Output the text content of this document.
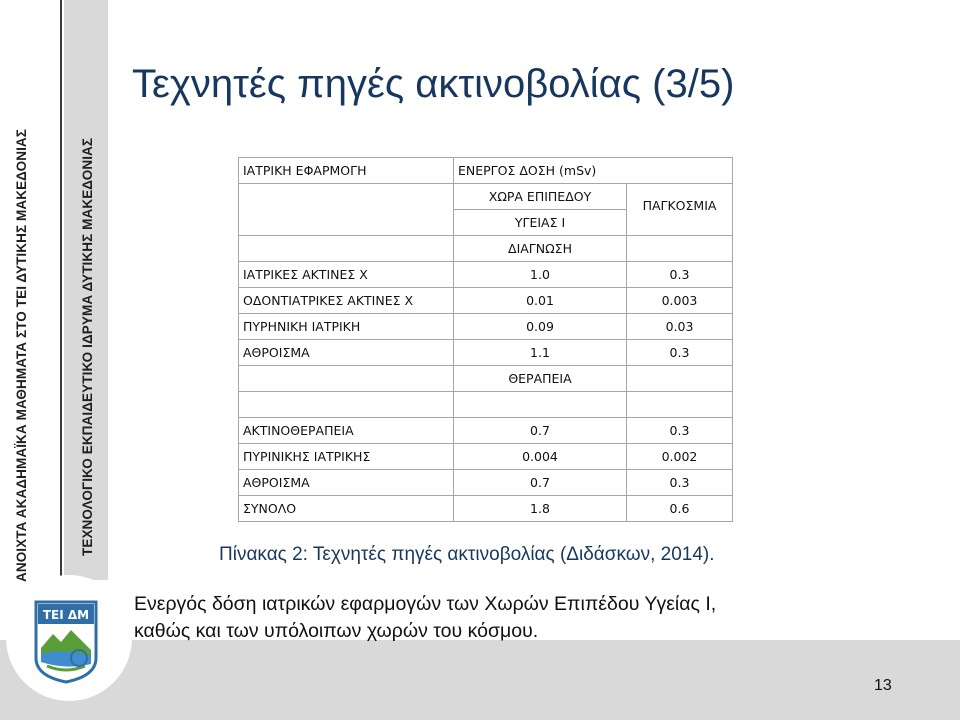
ΑΝΟΙΧΤΑ ΑΚΑΔΗΜΑΪΚΑ ΜΑΘΗΜΑΤΑ ΣΤΟ ΤΕΙ ΔΥΤΙΚΗΣ ΜΑΚΕΔΟΝΙΑΣ	ΤΕΧΝΟΛΟΓΙΚΟ ΕΚΠΑΙΔΕΥΤΙΚΟ ΙΔΡΥΜΑ ΔΥΤΙΚΗΣ ΜΑΚΕΔΟΝΙΑΣ
ΤΕΙ ΔΜ
Τεχνητές πηγές ακτινοβολίας (3/5)
ΙΑΤΡΙΚΗ ΕΦΑΡΜΟΓΗ	ΕΝΕΡΓΟΣ ΔΟΣΗ (mSv)	
	ΧΩΡΑ ΕΠΙΠΕΔΟΥ	ΠΑΓΚΟΣΜΙΑ

	ΥΓΕΙΑΣ Ι	
	ΔΙΑΓΝΩΣΗ	
ΙΑΤΡΙΚΕΣ ΑΚΤΙΝΕΣ Χ	1.0	0.3
ΟΔΟΝΤΙΑΤΡΙΚΕΣ ΑΚΤΙΝΕΣ Χ	0.01	0.003
ΠΥΡΗΝΙΚΗ ΙΑΤΡΙΚΗ	0.09	0.03
ΑΘΡΟΙΣΜΑ	1.1	0.3
	ΘΕΡΑΠΕΙΑ	

ΑΚΤΙΝΟΘΕΡΑΠΕΙΑ	0.7	0.3
ΠΥΡΙΝΙΚΗΣ ΙΑΤΡΙΚΗΣ	0.004	0.002
ΑΘΡΟΙΣΜΑ	0.7	0.3
ΣΥΝΟΛΟ	1.8	0.6
Πίνακας 2: Τεχνητές πηγές ακτινοβολίας (Διδάσκων, 2014).
Ενεργός δόση ιατρικών εφαρμογών των Χωρών Επιπέδου Υγείας Ι,
καθώς και των υπόλοιπων χωρών του κόσμου.
13
